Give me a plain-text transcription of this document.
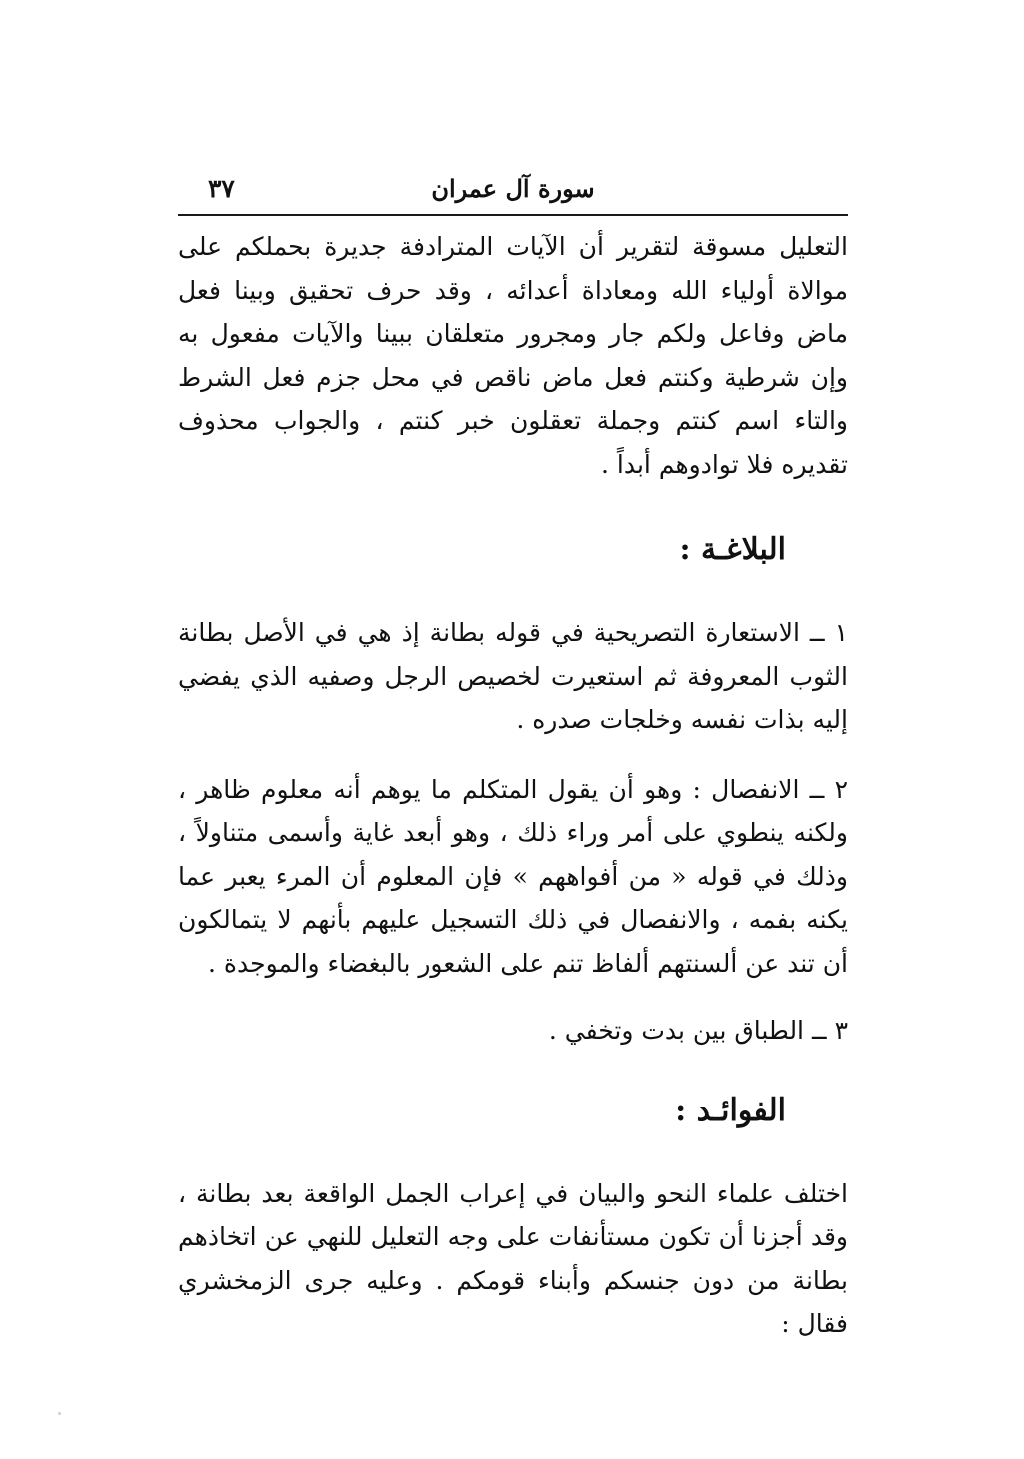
سورة آل عمران
٣٧

التعليل مسوقة لتقرير أن الآيات المترادفة جديرة بحملكم على موالاة أولياء الله ومعاداة أعدائه ، وقد حرف تحقيق وبينا فعل ماض وفاعل ولكم جار ومجرور متعلقان ببينا والآيات مفعول به وإن شرطية وكنتم فعل ماض ناقص في محل جزم فعل الشرط والتاء اسم كنتم وجملة تعقلون خبر كنتم ، والجواب محذوف تقديره فلا توادوهم أبداً .

البلاغـة :

١ ــ الاستعارة التصريحية في قوله بطانة إذ هي في الأصل بطانة الثوب المعروفة ثم استعيرت لخصيص الرجل وصفيه الذي يفضي إليه بذات نفسه وخلجات صدره .

٢ ــ الانفصال : وهو أن يقول المتكلم ما يوهم أنه معلوم ظاهر ، ولكنه ينطوي على أمر وراء ذلك ، وهو أبعد غاية وأسمى متناولاً ، وذلك في قوله « من أفواههم » فإن المعلوم أن المرء يعبر عما يكنه بفمه ، والانفصال في ذلك التسجيل عليهم بأنهم لا يتمالكون أن تند عن ألسنتهم ألفاظ تنم على الشعور بالبغضاء والموجدة .

٣ ــ الطباق بين بدت وتخفي .

الفوائـد :

اختلف علماء النحو والبيان في إعراب الجمل الواقعة بعد بطانة ، وقد أجزنا أن تكون مستأنفات على وجه التعليل للنهي عن اتخاذهم بطانة من دون جنسكم وأبناء قومكم . وعليه جرى الزمخشري فقال :
